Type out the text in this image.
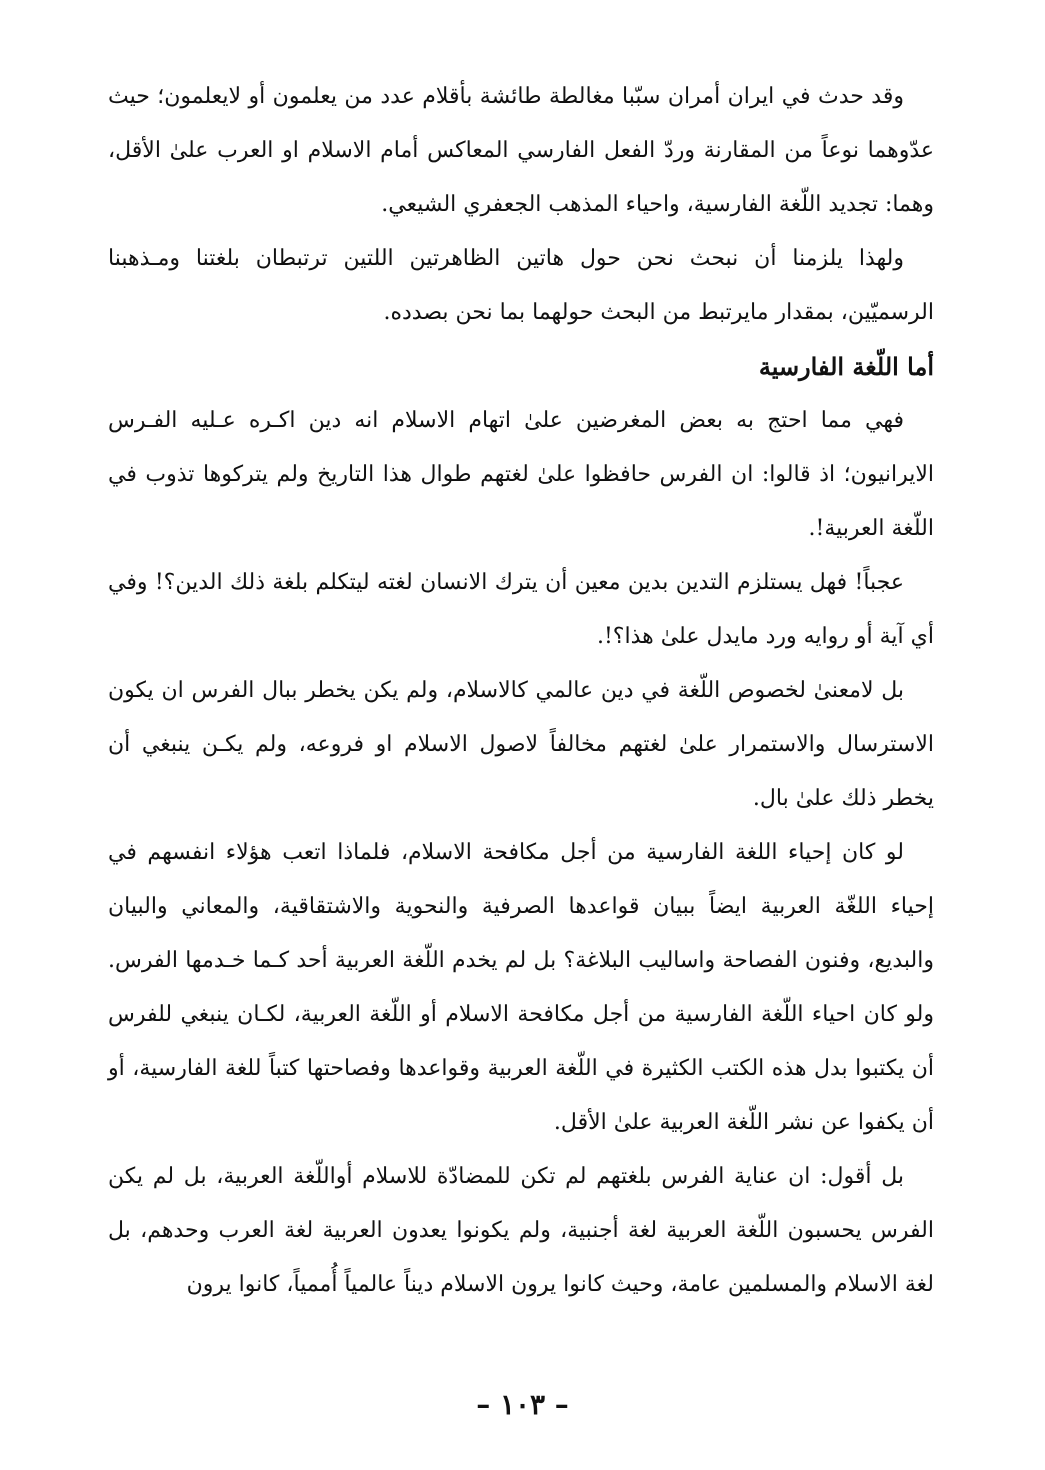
وقد حدث في ايران أمران سبّبا مغالطة طائشة بأقلام عدد من يعلمون أو لايعلمون؛ حيث عدّوهما نوعاً من المقارنة وردّ الفعل الفارسي المعاكس أمام الاسلام او العرب علىٰ الأقل، وهما: تجديد اللّغة الفارسية، واحياء المذهب الجعفري الشيعي.

ولهذا يلزمنا أن نبحث نحن حول هاتين الظاهرتين اللتين ترتبطان بلغتنا ومـذهبنا الرسميّين، بمقدار مايرتبط من البحث حولهما بما نحن بصدده.

أما اللّغة الفارسية

فهي مما احتج به بعض المغرضين علىٰ اتهام الاسلام انه دين اكـره عـليه الفـرس الايرانيون؛ اذ قالوا: ان الفرس حافظوا علىٰ لغتهم طوال هذا التاريخ ولم يتركوها تذوب في اللّغة العربية!.

عجباً! فهل يستلزم التدين بدين معين أن يترك الانسان لغته ليتكلم بلغة ذلك الدين؟! وفي أي آية أو روايه ورد مايدل علىٰ هذا؟!.

بل لامعنىٰ لخصوص اللّغة في دين عالمي كالاسلام، ولم يكن يخطر ببال الفرس ان يكون الاسترسال والاستمرار علىٰ لغتهم مخالفاً لاصول الاسلام او فروعه، ولم يكـن ينبغي أن يخطر ذلك علىٰ بال.

لو كان إحياء اللغة الفارسية من أجل مكافحة الاسلام، فلماذا اتعب هؤلاء انفسهم في إحياء اللغّة العربية ايضاً ببيان قواعدها الصرفية والنحوية والاشتقاقية، والمعاني والبيان والبديع، وفنون الفصاحة واساليب البلاغة؟ بل لم يخدم اللّغة العربية أحد كـما خـدمها الفرس. ولو كان احياء اللّغة الفارسية من أجل مكافحة الاسلام أو اللّغة العربية، لكـان ينبغي للفرس أن يكتبوا بدل هذه الكتب الكثيرة في اللّغة العربية وقواعدها وفصاحتها كتباً للغة الفارسية، أو أن يكفوا عن نشر اللّغة العربية علىٰ الأقل.

بل أقول: ان عناية الفرس بلغتهم لم تكن للمضادّة للاسلام أواللّغة العربية، بل لم يكن الفرس يحسبون اللّغة العربية لغة أجنبية، ولم يكونوا يعدون العربية لغة العرب وحدهم، بل لغة الاسلام والمسلمين عامة، وحيث كانوا يرون الاسلام ديناً عالمياً أُممياً، كانوا يرون

– ١٠٣ –
